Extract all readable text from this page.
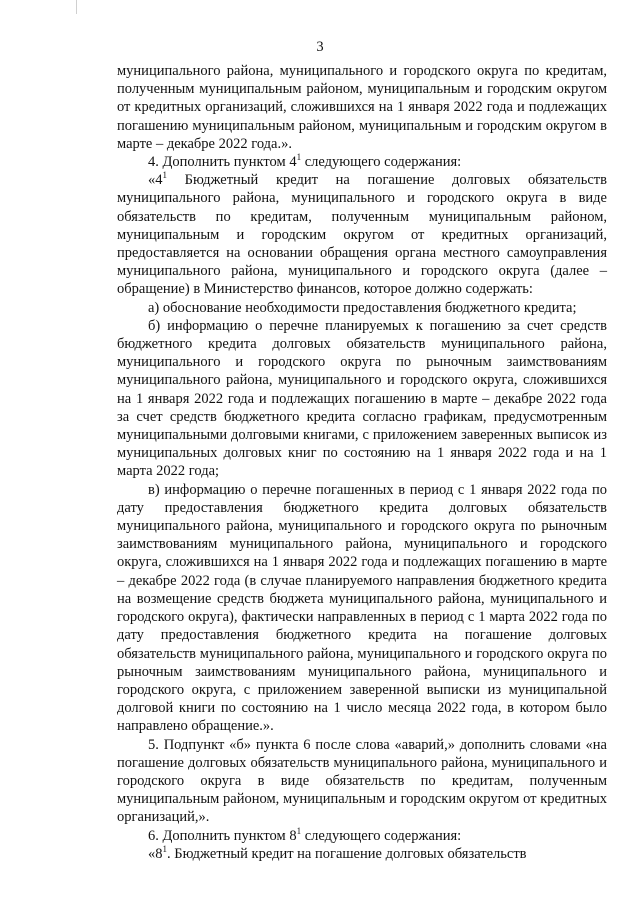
3

муниципального района, муниципального и городского округа по кредитам, полученным муниципальным районом, муниципальным и городским округом от кредитных организаций, сложившихся на 1 января 2022 года и подлежащих погашению муниципальным районом, муниципальным и городским округом в марте – декабре 2022 года.».

4. Дополнить пунктом $4^1$ следующего содержания:

«$4^1$ Бюджетный кредит на погашение долговых обязательств муниципального района, муниципального и городского округа в виде обязательств по кредитам, полученным муниципальным районом, муниципальным и городским округом от кредитных организаций, предоставляется на основании обращения органа местного самоуправления муниципального района, муниципального и городского округа (далее – обращение) в Министерство финансов, которое должно содержать:

а) обоснование необходимости предоставления бюджетного кредита;

б) информацию о перечне планируемых к погашению за счет средств бюджетного кредита долговых обязательств муниципального района, муниципального и городского округа по рыночным заимствованиям муниципального района, муниципального и городского округа, сложившихся на 1 января 2022 года и подлежащих погашению в марте – декабре 2022 года за счет средств бюджетного кредита согласно графикам, предусмотренным муниципальными долговыми книгами, с приложением заверенных выписок из муниципальных долговых книг по состоянию на 1 января 2022 года и на 1 марта 2022 года;

в) информацию о перечне погашенных в период с 1 января 2022 года по дату предоставления бюджетного кредита долговых обязательств муниципального района, муниципального и городского округа по рыночным заимствованиям муниципального района, муниципального и городского округа, сложившихся на 1 января 2022 года и подлежащих погашению в марте – декабре 2022 года (в случае планируемого направления бюджетного кредита на возмещение средств бюджета муниципального района, муниципального и городского округа), фактически направленных в период с 1 марта 2022 года по дату предоставления бюджетного кредита на погашение долговых обязательств муниципального района, муниципального и городского округа по рыночным заимствованиям муниципального района, муниципального и городского округа, с приложением заверенной выписки из муниципальной долговой книги по состоянию на 1 число месяца 2022 года, в котором было направлено обращение.».

5. Подпункт «б» пункта 6 после слова «аварий,» дополнить словами «на погашение долговых обязательств муниципального района, муниципального и городского округа в виде обязательств по кредитам, полученным муниципальным районом, муниципальным и городским округом от кредитных организаций,».

6. Дополнить пунктом $8^1$ следующего содержания:

«$8^1$. Бюджетный кредит на погашение долговых обязательств
